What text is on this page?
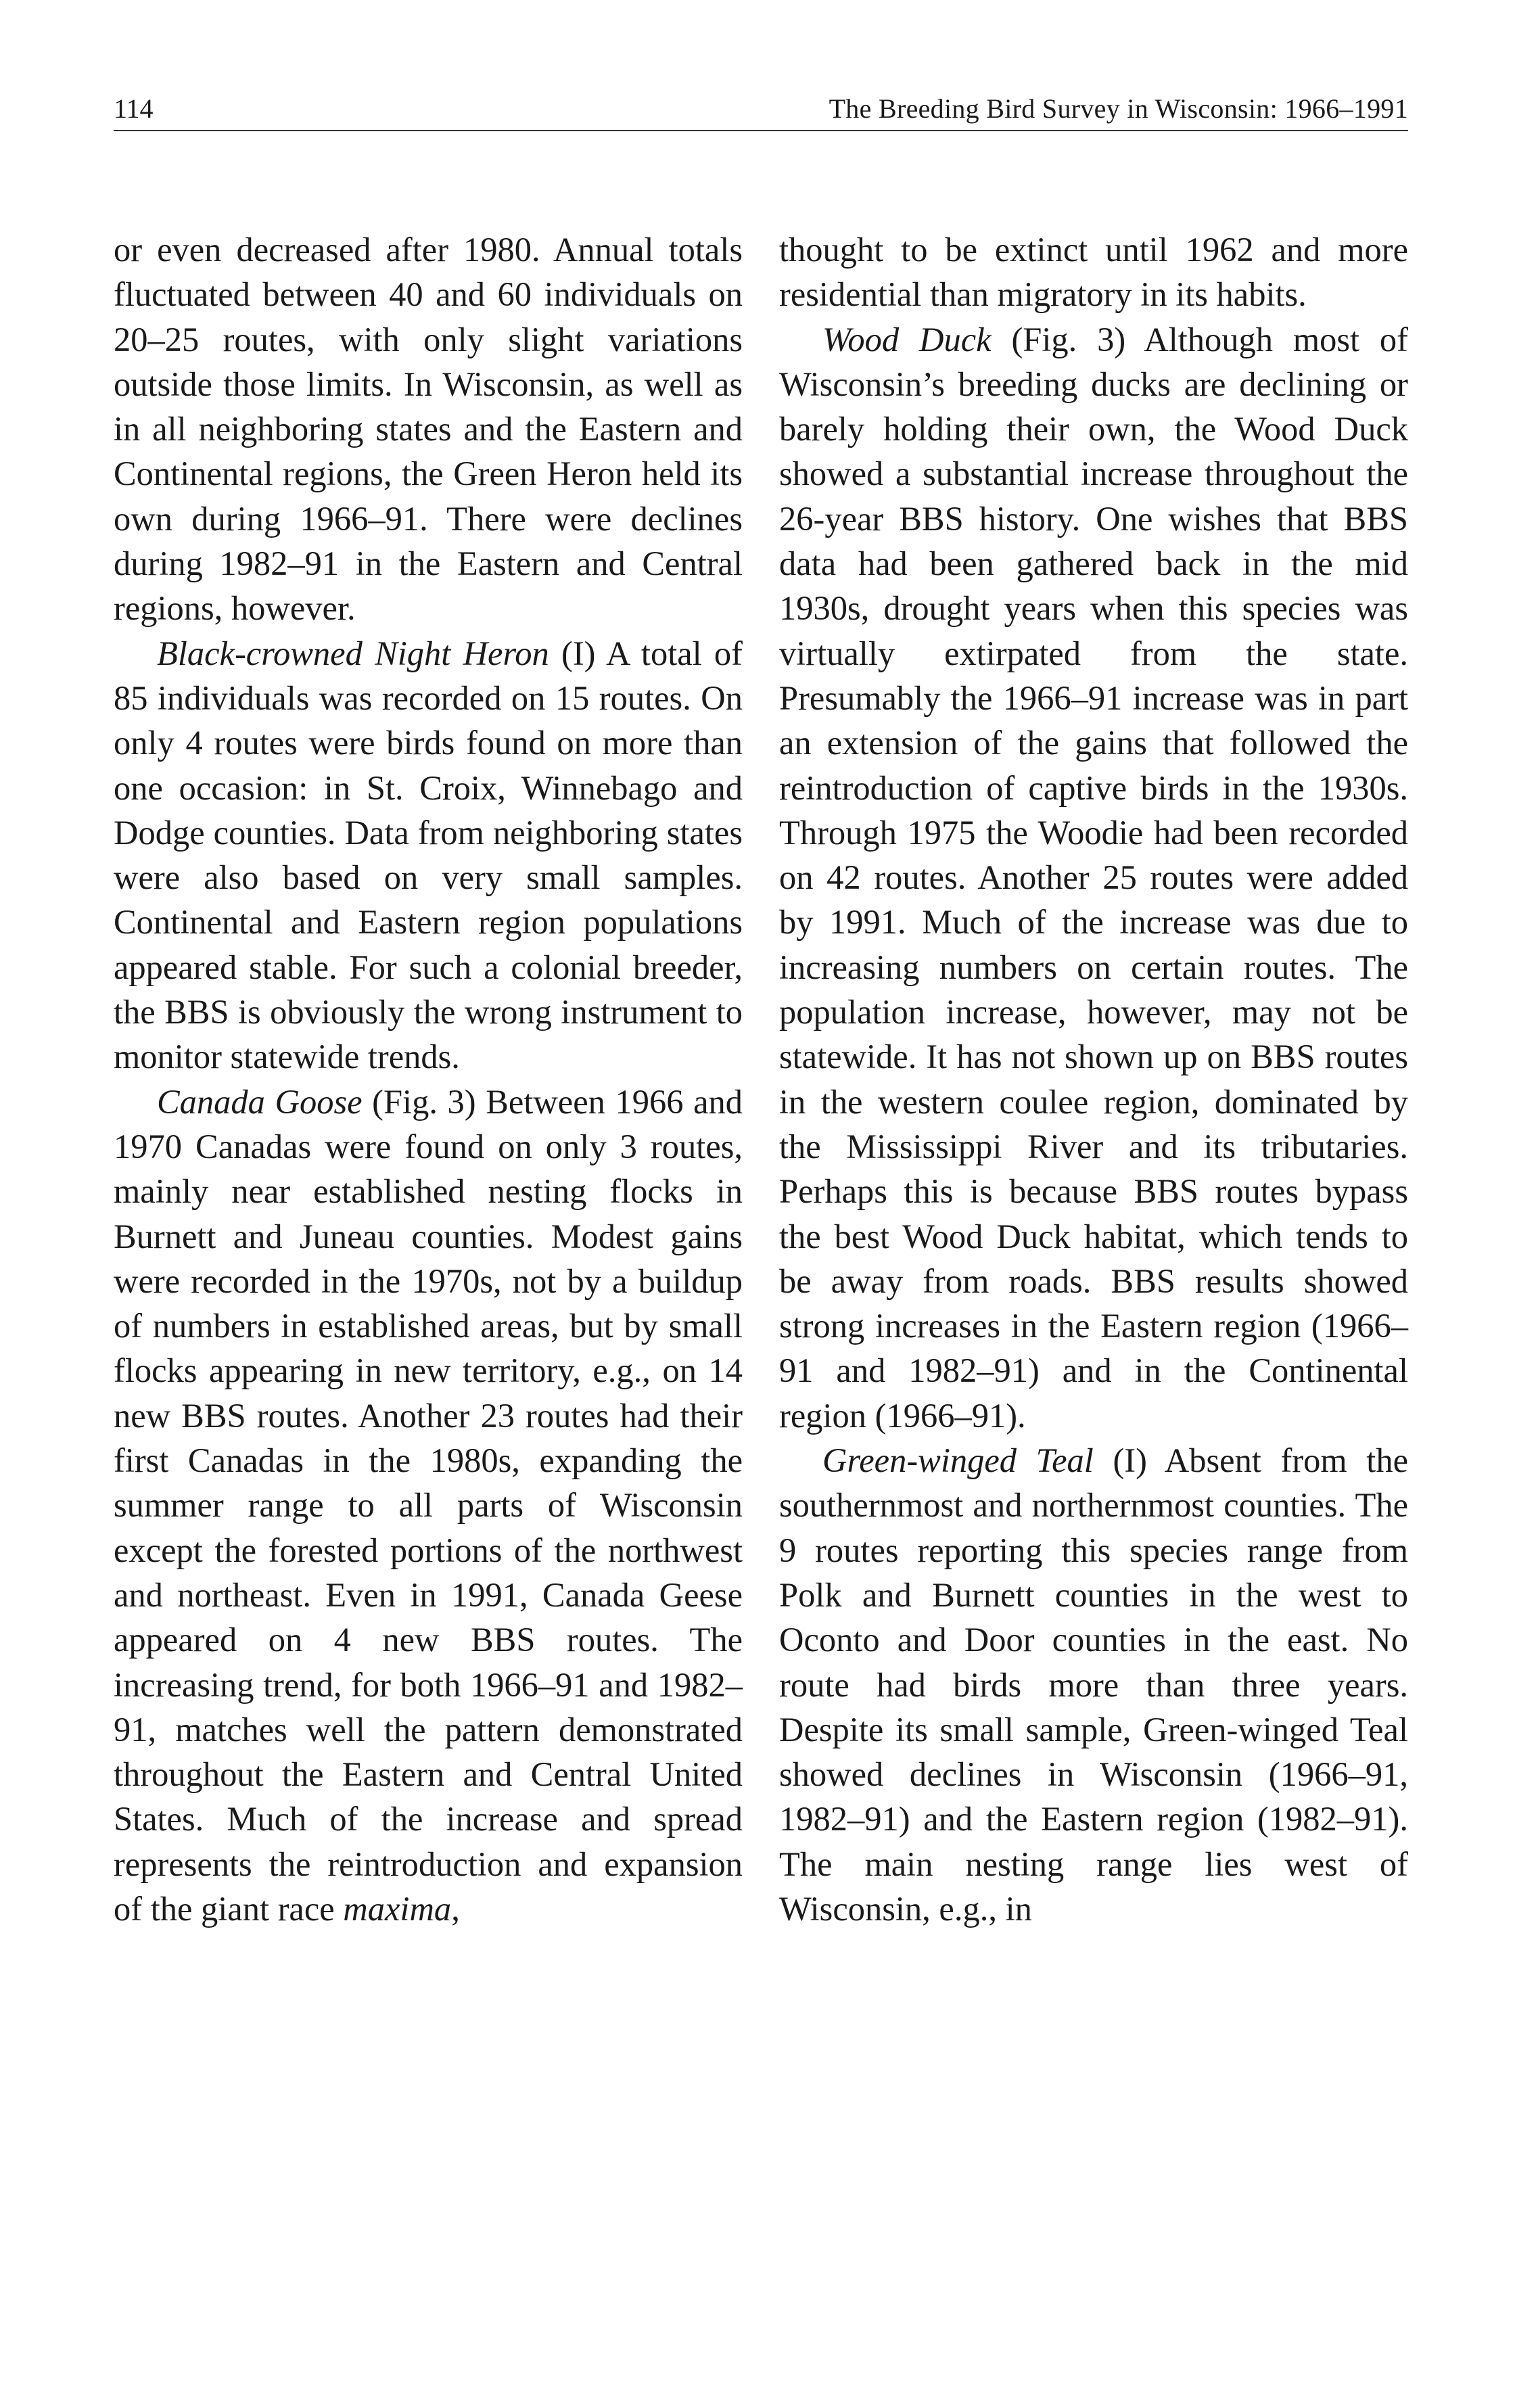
114	The Breeding Bird Survey in Wisconsin: 1966–1991

or even decreased after 1980. Annual totals fluctuated between 40 and 60 individuals on 20–25 routes, with only slight variations outside those limits. In Wisconsin, as well as in all neighboring states and the Eastern and Continental regions, the Green Heron held its own during 1966–91. There were declines during 1982–91 in the Eastern and Central regions, however.

Black-crowned Night Heron (I) A total of 85 individuals was recorded on 15 routes. On only 4 routes were birds found on more than one occasion: in St. Croix, Winnebago and Dodge counties. Data from neighboring states were also based on very small samples. Continental and Eastern region populations appeared stable. For such a colonial breeder, the BBS is obviously the wrong instrument to monitor statewide trends.

Canada Goose (Fig. 3) Between 1966 and 1970 Canadas were found on only 3 routes, mainly near established nesting flocks in Burnett and Juneau counties. Modest gains were recorded in the 1970s, not by a buildup of numbers in established areas, but by small flocks appearing in new territory, e.g., on 14 new BBS routes. Another 23 routes had their first Canadas in the 1980s, expanding the summer range to all parts of Wisconsin except the forested portions of the northwest and northeast. Even in 1991, Canada Geese appeared on 4 new BBS routes. The increasing trend, for both 1966–91 and 1982–91, matches well the pattern demonstrated throughout the Eastern and Central United States. Much of the increase and spread represents the reintroduction and expansion of the giant race maxima,

thought to be extinct until 1962 and more residential than migratory in its habits.

Wood Duck (Fig. 3) Although most of Wisconsin’s breeding ducks are declining or barely holding their own, the Wood Duck showed a substantial increase throughout the 26-year BBS history. One wishes that BBS data had been gathered back in the mid 1930s, drought years when this species was virtually extirpated from the state. Presumably the 1966–91 increase was in part an extension of the gains that followed the reintroduction of captive birds in the 1930s. Through 1975 the Woodie had been recorded on 42 routes. Another 25 routes were added by 1991. Much of the increase was due to increasing numbers on certain routes. The population increase, however, may not be statewide. It has not shown up on BBS routes in the western coulee region, dominated by the Mississippi River and its tributaries. Perhaps this is because BBS routes bypass the best Wood Duck habitat, which tends to be away from roads. BBS results showed strong increases in the Eastern region (1966–91 and 1982–91) and in the Continental region (1966–91).

Green-winged Teal (I) Absent from the southernmost and northernmost counties. The 9 routes reporting this species range from Polk and Burnett counties in the west to Oconto and Door counties in the east. No route had birds more than three years. Despite its small sample, Green-winged Teal showed declines in Wisconsin (1966–91, 1982–91) and the Eastern region (1982–91). The main nesting range lies west of Wisconsin, e.g., in
